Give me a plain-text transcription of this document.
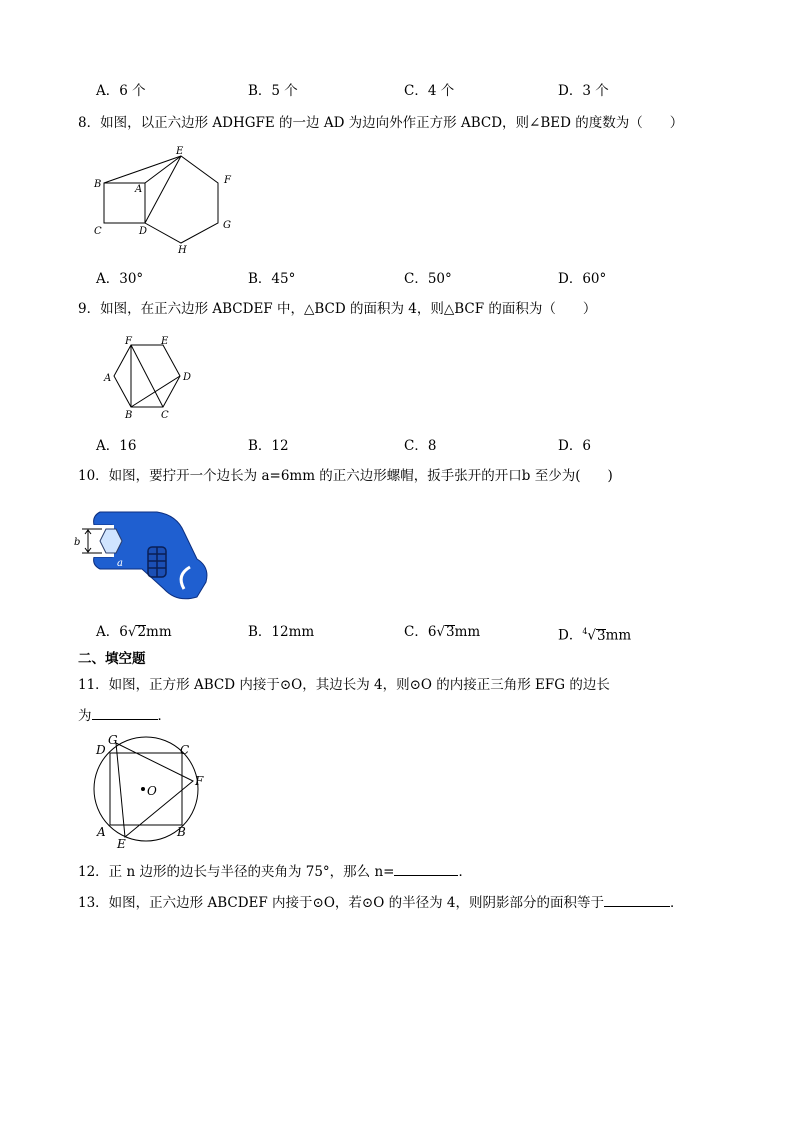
A．6 个	B．5 个	C．4 个	D．3 个
8．如图，以正六边形 ADHGFE 的一边 AD 为边向外作正方形 ABCD，则∠BED 的度数为（　　）
E
F
B	A
G
C	D
H
A．30°	B．45°	C．50°	D．60°
9．如图，在正六边形 ABCDEF 中，△BCD 的面积为 4，则△BCF 的面积为（　　）
F	E
A	D
B	C
A．16	B．12	C．8	D．6
10．如图，要拧开一个边长为 a=6mm 的正六边形螺帽，扳手张开的开口b 至少为(　　)
b
a
A．6√2mm	B．12mm	C．6√3mm	D．$^4$√3mm
二、填空题
11．如图，正方形 ABCD 内接于⊙O，其边长为 4，则⊙O 的内接正三角形 EFG 的边长
为	．
D
G
C
F
O
A
E
B
12．正 n 边形的边长与半径的夹角为 75°，那么 n=	．
13．如图，正六边形 ABCDEF 内接于⊙O，若⊙O 的半径为 4，则阴影部分的面积等于	．
